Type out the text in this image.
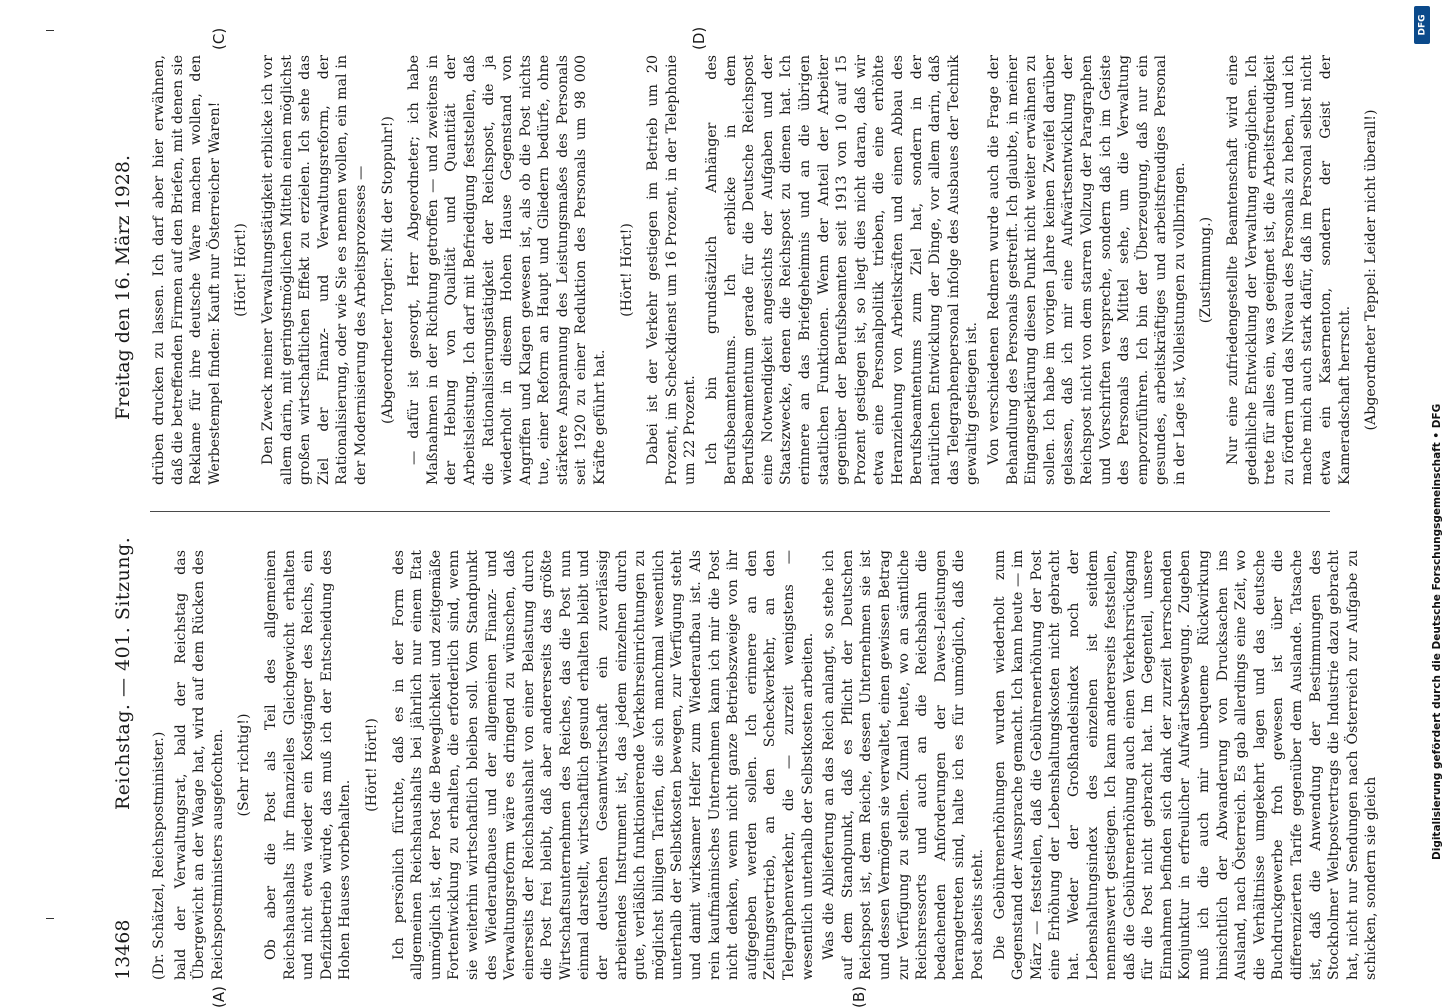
13468
Reichstag. — 401. Sitzung.
Freitag den 16. März 1928.
(A)	(B)
(C)	(D)

(Dr. Schätzel, Reichspostminister.) bald der Verwaltungsrat, bald der Reichstag das Übergewicht an der Waage hat, wird auf dem Rücken des Reichspostministers ausgefochten. (Sehr richtig!) Ob aber die Post als Teil des allgemeinen Reichshaushalts ihr finanzielles Gleichgewicht erhalten und nicht etwa wieder ein Kostgänger des Reichs, ein Defizitbetrieb würde, das muß ich der Entscheidung des Hohen Hauses vorbehalten.

(Hört! Hört!) Ich persönlich fürchte, daß es in der Form des allgemeinen Reichshaushalts bei jährlich nur einem Etat unmöglich ist, der Post die Beweglichkeit und zeitgemäße Fortentwicklung zu erhalten, die erforderlich sind, wenn sie weiterhin wirtschaftlich bleiben soll. Vom Standpunkt des Wiederaufbaues und der allgemeinen Finanz- und Verwaltungsreform wäre es dringend zu wünschen, daß einerseits der Reichshaushalt von einer Belastung durch die Post frei bleibt, daß aber andererseits das größte Wirtschaftsunternehmen des Reiches, das die Post nun einmal darstellt, wirtschaftlich gesund erhalten bleibt und der deutschen Gesamtwirtschaft ein zuverlässig arbeitendes Instrument ist, das jedem einzelnen durch gute, verläßlich funktionierende Verkehrseinrichtungen zu möglichst billigen Tarifen, die sich manchmal wesentlich unterhalb der Selbstkosten bewegen, zur Verfügung steht und damit wirksamer Helfer zum Wiederaufbau ist. Als rein kaufmännisches Unternehmen kann ich mir die Post nicht denken, wenn nicht ganze Betriebszweige von ihr aufgegeben werden sollen. Ich erinnere an den Zeitungsvertrieb, an den Scheckverkehr, an den Telegraphenverkehr, die — zurzeit wenigstens — wesentlich unterhalb der Selbstkosten arbeiten. Was die Ablieferung an das Reich anlangt, so stehe ich auf dem Standpunkt, daß es Pflicht der Deutschen Reichspost ist, dem Reiche, dessen Unternehmen sie ist und dessen Vermögen sie verwaltet, einen gewissen Betrag zur Verfügung zu stellen. Zumal heute, wo an sämtliche Reichsressorts und auch an die Reichsbahn die bedachenden Anforderungen der Dawes-Leistungen herangetreten sind, halte ich es für unmöglich, daß die Post abseits steht. Die Gebührenerhöhungen wurden wiederholt zum Gegenstand der Aussprache gemacht. Ich kann heute — im März — feststellen, daß die Gebührenerhöhung der Post eine Erhöhung der Lebenshaltungskosten nicht gebracht hat. Weder der Großhandelsindex noch der Lebenshaltungsindex des einzelnen ist seitdem nennenswert gestiegen. Ich kann andererseits feststellen, daß die Gebührenerhöhung auch einen Verkehrsrückgang für die Post nicht gebracht hat. Im Gegenteil, unsere Einnahmen befinden sich dank der zurzeit herrschenden Konjunktur in erfreulicher Aufwärtsbewegung. Zugeben muß ich die auch mir unbequeme Rückwirkung hinsichtlich der Abwanderung von Drucksachen ins Ausland, nach Österreich. Es gab allerdings eine Zeit, wo die Verhältnisse umgekehrt lagen und das deutsche Buchdruckgewerbe froh gewesen ist über die differenzierten Tarife gegenüber dem Auslande. Tatsache ist, daß die Anwendung der Bestimmungen des Stockholmer Weltpostvertrags die Industrie dazu gebracht hat, nicht nur Sendungen nach Österreich zur Aufgabe zu schicken, sondern sie gleich

drüben drucken zu lassen. Ich darf aber hier erwähnen, daß die betreffenden Firmen auf den Briefen, mit denen sie Reklame für ihre deutsche Ware machen wollen, den Werbestempel finden: Kauft nur Österreicher Waren! (Hört! Hört!) Den Zweck meiner Verwaltungstätigkeit erblicke ich vor allem darin, mit geringstmöglichen Mitteln einen möglichst großen wirtschaftlichen Effekt zu erzielen. Ich sehe das Ziel der Finanz- und Verwaltungsreform, der Rationalisierung, oder wie Sie es nennen wollen, ein mal in der Modernisierung des Arbeitsprozesses — (Abgeordneter Torgler: Mit der Stoppuhr!) — dafür ist gesorgt, Herr Abgeordneter; ich habe Maßnahmen in der Richtung getroffen — und zweitens in der Hebung von Qualität und Quantität der Arbeitsleistung. Ich darf mit Befriedigung feststellen, daß die Rationalisierungstätigkeit der Reichspost, die ja wiederholt in diesem Hohen Hause Gegenstand von Angriffen und Klagen gewesen ist, als ob die Post nichts tue, einer Reform an Haupt und Gliedern bedürfe, ohne stärkere Anspannung des Leistungsmaßes des Personals seit 1920 zu einer Reduktion des Personals um 98 000 Kräfte geführt hat.

(Hört! Hört!) Dabei ist der Verkehr gestiegen im Betrieb um 20 Prozent, im Scheckdienst um 16 Prozent, in der Telephonie um 22 Prozent. Ich bin grundsätzlich Anhänger des Berufsbeamtentums. Ich erblicke in dem Berufsbeamtentum gerade für die Deutsche Reichspost eine Notwendigkeit angesichts der Aufgaben und der Staatszwecke, denen die Reichspost zu dienen hat. Ich erinnere an das Briefgeheimnis und an die übrigen staatlichen Funktionen. Wenn der Anteil der Arbeiter gegenüber der Berufsbeamten seit 1913 von 10 auf 15 Prozent gestiegen ist, so liegt dies nicht daran, daß wir etwa eine Personalpolitik trieben, die eine erhöhte Heranziehung von Arbeitskräften und einen Abbau des Berufsbeamtentums zum Ziel hat, sondern in der natürlichen Entwicklung der Dinge, vor allem darin, daß das Telegraphenpersonal infolge des Ausbaues der Technik gewaltig gestiegen ist. Von verschiedenen Rednern wurde auch die Frage der Behandlung des Personals gestreift. Ich glaubte, in meiner Eingangserklärung diesen Punkt nicht weiter erwähnen zu sollen. Ich habe im vorigen Jahre keinen Zweifel darüber gelassen, daß ich mir eine Aufwärtsentwicklung der Reichspost nicht von dem starren Vollzug der Paragraphen und Vorschriften verspreche, sondern daß ich im Geiste des Personals das Mittel sehe, um die Verwaltung emporzuführen. Ich bin der Überzeugung, daß nur ein gesundes, arbeitskräftiges und arbeitsfreudiges Personal in der Lage ist, Volleistungen zu vollbringen. (Zustimmung.) Nur eine zufriedengestellte Beamtenschaft wird eine gedeihliche Entwicklung der Verwaltung ermöglichen. Ich trete für alles ein, was geeignet ist, die Arbeitsfreudigkeit zu fördern und das Niveau des Personals zu heben, und ich mache mich auch stark dafür, daß im Personal selbst nicht etwa ein Kasernenton, sondern der Geist der Kameradschaft herrscht. (Abgeordneter Teppel: Leider nicht überall!)

DFG
Digitalisierung gefördert durch die Deutsche Forschungsgemeinschaft • DFG
